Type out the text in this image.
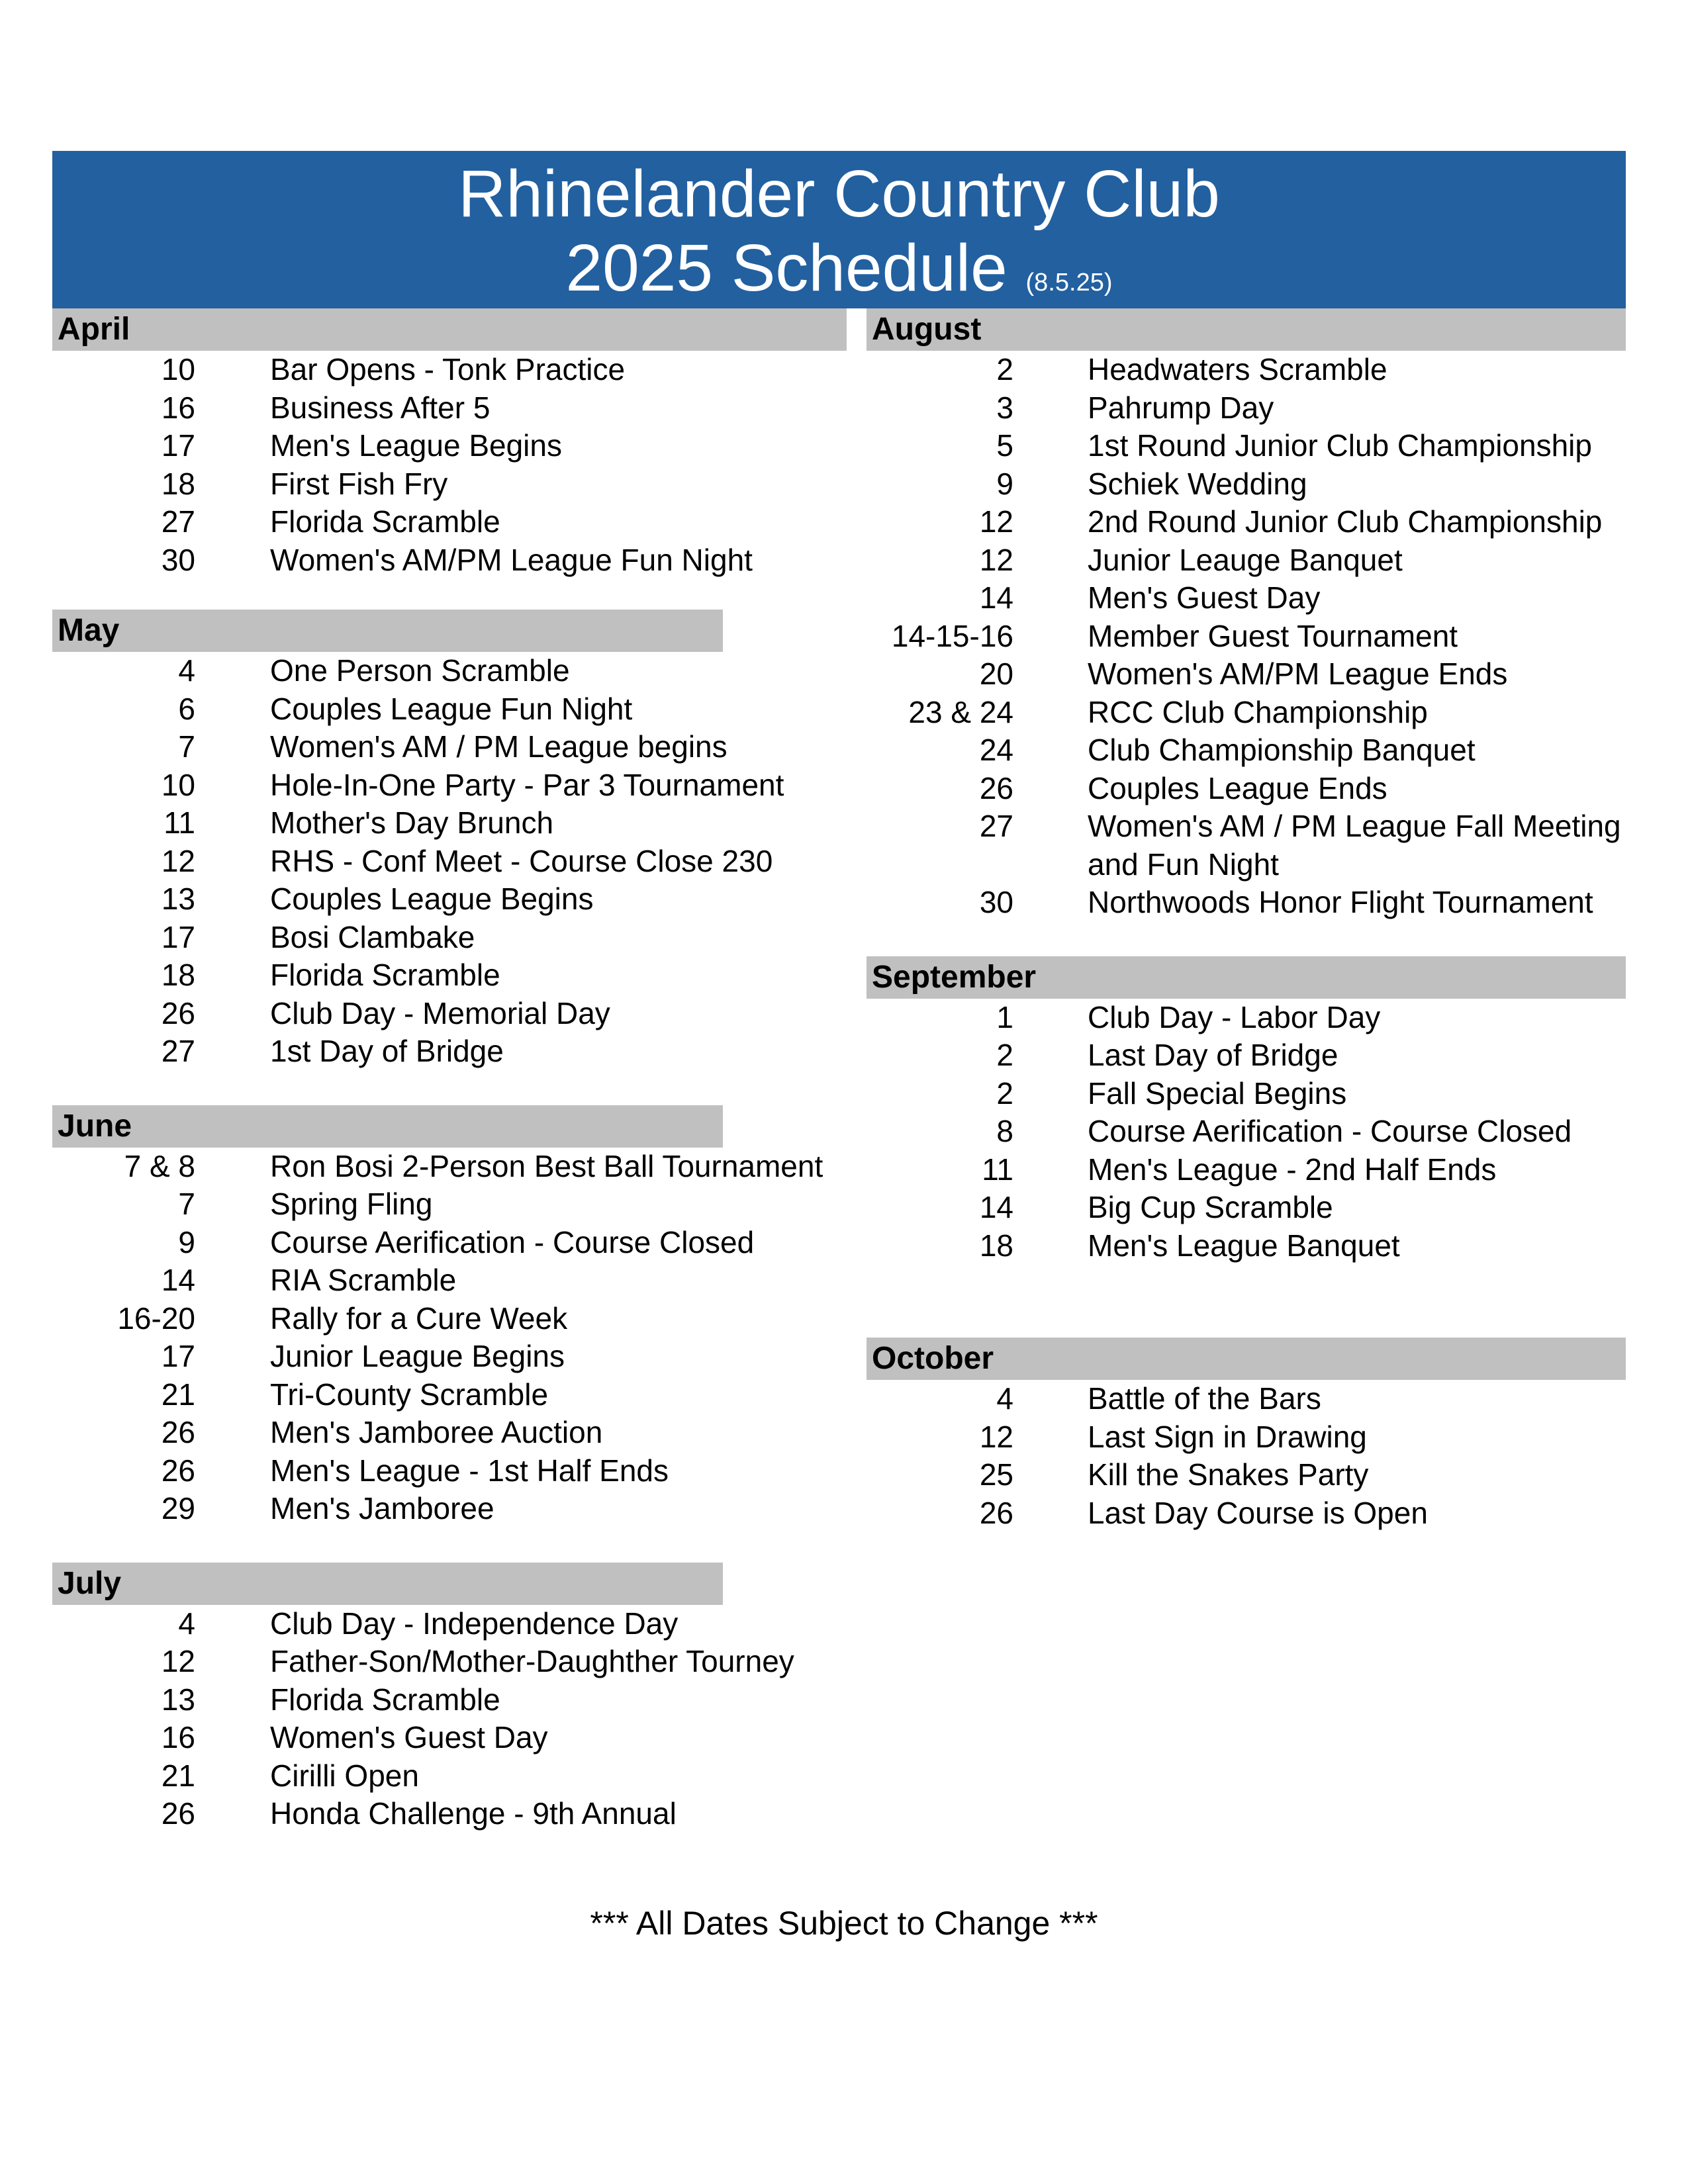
Rhinelander Country Club
2025 Schedule (8.5.25)
April
10 Bar Opens - Tonk Practice
16 Business After 5
17 Men's League Begins
18 First Fish Fry
27 Florida Scramble
30 Women's AM/PM League Fun Night
May
4 One Person Scramble
6 Couples League Fun Night
7 Women's AM / PM League begins
10 Hole-In-One Party - Par 3 Tournament
11 Mother's Day Brunch
12 RHS - Conf Meet - Course Close 230
13 Couples League Begins
17 Bosi Clambake
18 Florida Scramble
26 Club Day - Memorial Day
27 1st Day of Bridge
June
7 & 8 Ron Bosi 2-Person Best Ball Tournament
7 Spring Fling
9 Course Aerification - Course Closed
14 RIA Scramble
16-20 Rally for a Cure Week
17 Junior League Begins
21 Tri-County Scramble
26 Men's Jamboree Auction
26 Men's League - 1st Half Ends
29 Men's Jamboree
July
4 Club Day - Independence Day
12 Father-Son/Mother-Daughther Tourney
13 Florida Scramble
16 Women's Guest Day
21 Cirilli Open
26 Honda Challenge - 9th Annual
August
2 Headwaters Scramble
3 Pahrump Day
5 1st Round Junior Club Championship
9 Schiek Wedding
12 2nd Round Junior Club Championship
12 Junior Leauge Banquet
14 Men's Guest Day
14-15-16 Member Guest Tournament
20 Women's AM/PM League Ends
23 & 24 RCC Club Championship
24 Club Championship Banquet
26 Couples League Ends
27 Women's AM / PM League Fall Meeting
and Fun Night
30 Northwoods Honor Flight Tournament
September
1 Club Day - Labor Day
2 Last Day of Bridge
2 Fall Special Begins
8 Course Aerification - Course Closed
11 Men's League - 2nd Half Ends
14 Big Cup Scramble
18 Men's League Banquet
October
4 Battle of the Bars
12 Last Sign in Drawing
25 Kill the Snakes Party
26 Last Day Course is Open
*** All Dates Subject to Change ***
